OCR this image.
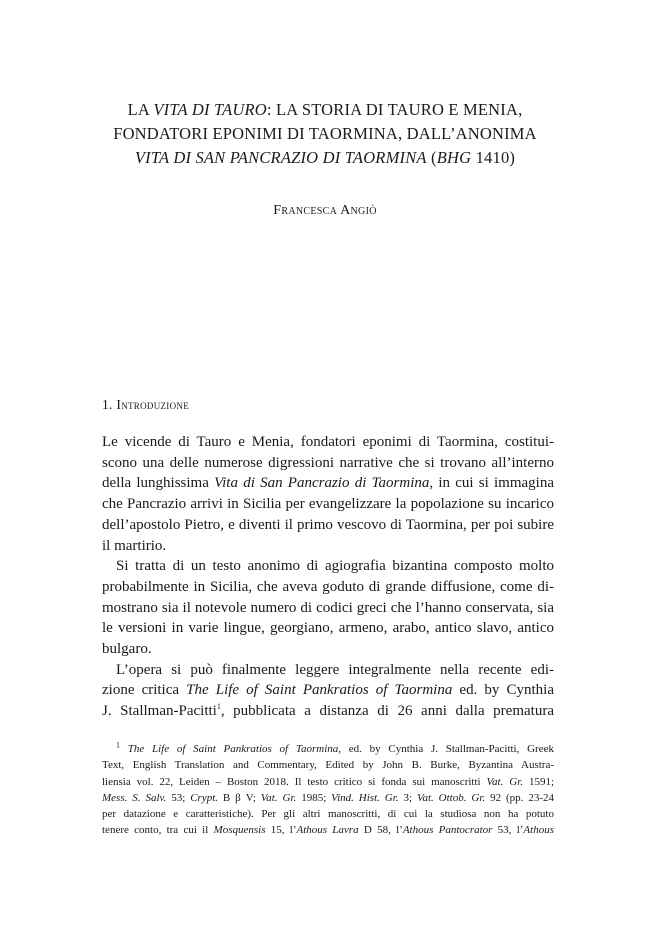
LA VITA DI TAURO: LA STORIA DI TAURO E MENIA,
FONDATORI EPONIMI DI TAORMINA, DALL’ANONIMA
VITA DI SAN PANCRAZIO DI TAORMINA (BHG 1410)
Francesca Angiò
1. Introduzione
Le vicende di Tauro e Menia, fondatori eponimi di Taormina, costitui-
scono una delle numerose digressioni narrative che si trovano all’interno
della lunghissima Vita di San Pancrazio di Taormina, in cui si immagina
che Pancrazio arrivi in Sicilia per evangelizzare la popolazione su incarico
dell’apostolo Pietro, e diventi il primo vescovo di Taormina, per poi subire
il martirio.
Si tratta di un testo anonimo di agiografia bizantina composto molto
probabilmente in Sicilia, che aveva goduto di grande diffusione, come di-
mostrano sia il notevole numero di codici greci che l’hanno conservata, sia
le versioni in varie lingue, georgiano, armeno, arabo, antico slavo, antico
bulgaro.
L’opera si può finalmente leggere integralmente nella recente edi-
zione critica The Life of Saint Pankratios of Taormina ed. by Cynthia
J. Stallman-Pacitti$^1$, pubblicata a distanza di 26 anni dalla prematura
$^1$ The Life of Saint Pankratios of Taormina, ed. by Cynthia J. Stallman-Pacitti, Greek
Text, English Translation and Commentary, Edited by John B. Burke, Byzantina Austra-
liensia vol. 22, Leiden – Boston 2018. Il testo critico si fonda sui manoscritti Vat. Gr. 1591;
Mess. S. Salv. 53; Crypt. B β V; Vat. Gr. 1985; Vind. Hist. Gr. 3; Vat. Ottob. Gr. 92 (pp. 23-24
per datazione e caratteristiche). Per gli altri manoscritti, di cui la studiosa non ha potuto
tenere conto, tra cui il Mosquensis 15, l’Athous Lavra D 58, l’Athous Pantocrator 53, l’Athous
